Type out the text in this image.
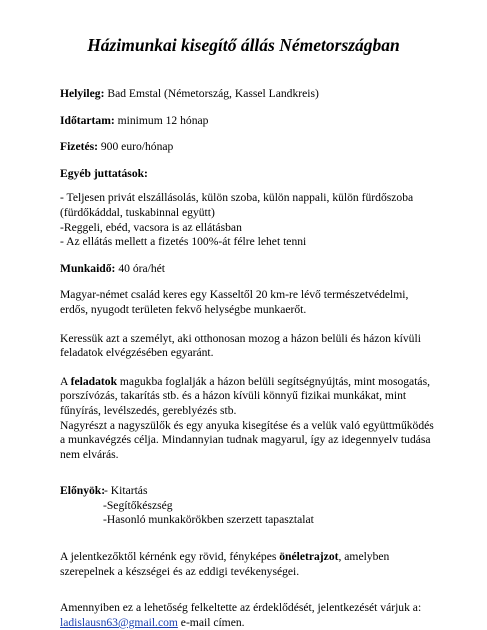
Házimunkai kisegítő állás Németországban

Helyileg: Bad Emstal (Németország, Kassel Landkreis)

Időtartam: minimum 12 hónap

Fizetés: 900 euro/hónap

Egyéb juttatások:

- Teljesen privát elszállásolás, külön szoba, külön nappali, külön fürdőszoba

(fürdőkáddal, tuskabinnal együtt)

-Reggeli, ebéd, vacsora is az ellátásban

- Az ellátás mellett a fizetés 100%-át félre lehet tenni

Munkaidő: 40 óra/hét

Magyar-német család keres egy Kasseltől 20 km-re lévő természetvédelmi,

erdős, nyugodt területen fekvő helységbe munkaerőt.

Keressük azt a személyt, aki otthonosan mozog a házon belüli és házon kívüli

feladatok elvégzésében egyaránt.

A feladatok magukba foglalják a házon belüli segítségnyújtás, mint mosogatás,

porszívózás, takarítás stb. és a házon kívüli könnyű fizikai munkákat, mint

fűnyírás, levélszedés, gereblyézés stb.

Nagyrészt a nagyszülők és egy anyuka kisegítése és a velük való együttműködés

a munkavégzés célja. Mindannyian tudnak magyarul, így az idegennyelv tudása

nem elvárás.

Előnyök:
- Kitartás

-Segítőkészség

-Hasonló munkakörökben szerzett tapasztalat

A jelentkezőktől kérnénk egy rövid, fényképes önéletrajzot, amelyben

szerepelnek a készségei és az eddigi tevékenységei.

Amennyiben ez a lehetőség felkeltette az érdeklődését, jelentkezését várjuk a:

ladislausn63@gmail.com e-mail címen.
